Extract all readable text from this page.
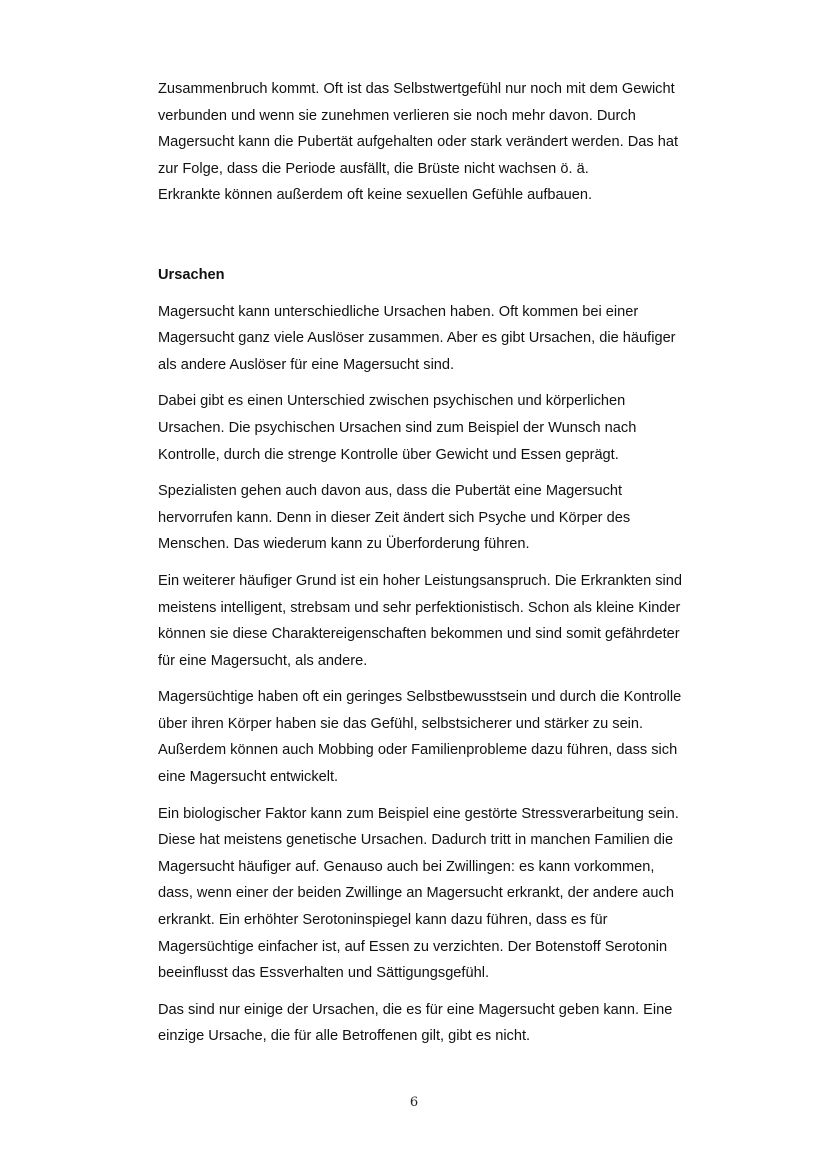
Zusammenbruch kommt. Oft ist das Selbstwertgefühl nur noch mit dem Gewicht
verbunden und wenn sie zunehmen verlieren sie noch mehr davon. Durch
Magersucht kann die Pubertät aufgehalten oder stark verändert werden. Das hat
zur Folge, dass die Periode ausfällt, die Brüste nicht wachsen ö. ä.
Erkrankte können außerdem oft keine sexuellen Gefühle aufbauen.

Ursachen

Magersucht kann unterschiedliche Ursachen haben. Oft kommen bei einer
Magersucht ganz viele Auslöser zusammen. Aber es gibt Ursachen, die häufiger
als andere Auslöser für eine Magersucht sind.

Dabei gibt es einen Unterschied zwischen psychischen und körperlichen
Ursachen. Die psychischen Ursachen sind zum Beispiel der Wunsch nach
Kontrolle, durch die strenge Kontrolle über Gewicht und Essen geprägt.

Spezialisten gehen auch davon aus, dass die Pubertät eine Magersucht
hervorrufen kann. Denn in dieser Zeit ändert sich Psyche und Körper des
Menschen. Das wiederum kann zu Überforderung führen.

Ein weiterer häufiger Grund ist ein hoher Leistungsanspruch. Die Erkrankten sind
meistens intelligent, strebsam und sehr perfektionistisch. Schon als kleine Kinder
können sie diese Charaktereigenschaften bekommen und sind somit gefährdeter
für eine Magersucht, als andere.

Magersüchtige haben oft ein geringes Selbstbewusstsein und durch die Kontrolle
über ihren Körper haben sie das Gefühl, selbstsicherer und stärker zu sein.
Außerdem können auch Mobbing oder Familienprobleme dazu führen, dass sich
eine Magersucht entwickelt.

Ein biologischer Faktor kann zum Beispiel eine gestörte Stressverarbeitung sein.
Diese hat meistens genetische Ursachen. Dadurch tritt in manchen Familien die
Magersucht häufiger auf. Genauso auch bei Zwillingen: es kann vorkommen,
dass, wenn einer der beiden Zwillinge an Magersucht erkrankt, der andere auch
erkrankt. Ein erhöhter Serotoninspiegel kann dazu führen, dass es für
Magersüchtige einfacher ist, auf Essen zu verzichten. Der Botenstoff Serotonin
beeinflusst das Essverhalten und Sättigungsgefühl.

Das sind nur einige der Ursachen, die es für eine Magersucht geben kann. Eine
einzige Ursache, die für alle Betroffenen gilt, gibt es nicht.

6
